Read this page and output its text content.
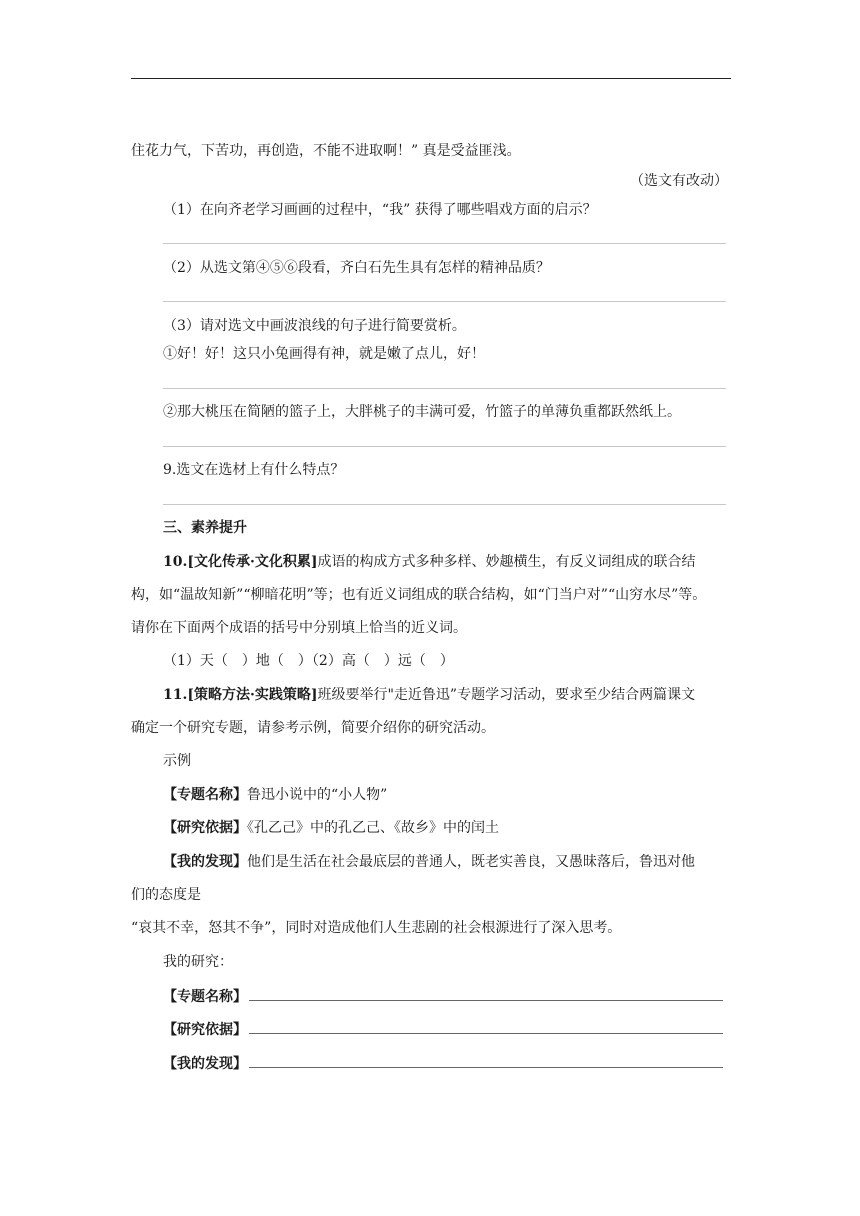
住花力气，下苦功，再创造，不能不进取啊！” 真是受益匪浅。
（选文有改动）
（1）在向齐老学习画画的过程中，“我” 获得了哪些唱戏方面的启示？
（2）从选文第④⑤⑥段看，齐白石先生具有怎样的精神品质？
（3）请对选文中画波浪线的句子进行简要赏析。
①好！好！这只小兔画得有神，就是嫩了点儿，好！
②那大桃压在简陋的篮子上，大胖桃子的丰满可爱，竹篮子的单薄负重都跃然纸上。
9.选文在选材上有什么特点？
三、素养提升
10.[文化传承·文化积累]成语的构成方式多种多样、妙趣横生，有反义词组成的联合结
构，如“温故知新”“柳暗花明”等；也有近义词组成的联合结构，如“门当户对”“山穷水尽”等。
请你在下面两个成语的括号中分别填上恰当的近义词。
（1）天（　）地（　）（2）高（　）远（　）
11.[策略方法·实践策略]班级要举行"走近鲁迅”专题学习活动，要求至少结合两篇课文
确定一个研究专题，请参考示例，简要介绍你的研究活动。
示例
【专题名称】鲁迅小说中的“小人物”
【研究依据】《孔乙己》中的孔乙己、《故乡》中的闰土
【我的发现】他们是生活在社会最底层的普通人，既老实善良，又愚昧落后，鲁迅对他
们的态度是
“哀其不幸，怒其不争”，同时对造成他们人生悲剧的社会根源进行了深入思考。
我的研究：
【专题名称】
【研究依据】
【我的发现】
